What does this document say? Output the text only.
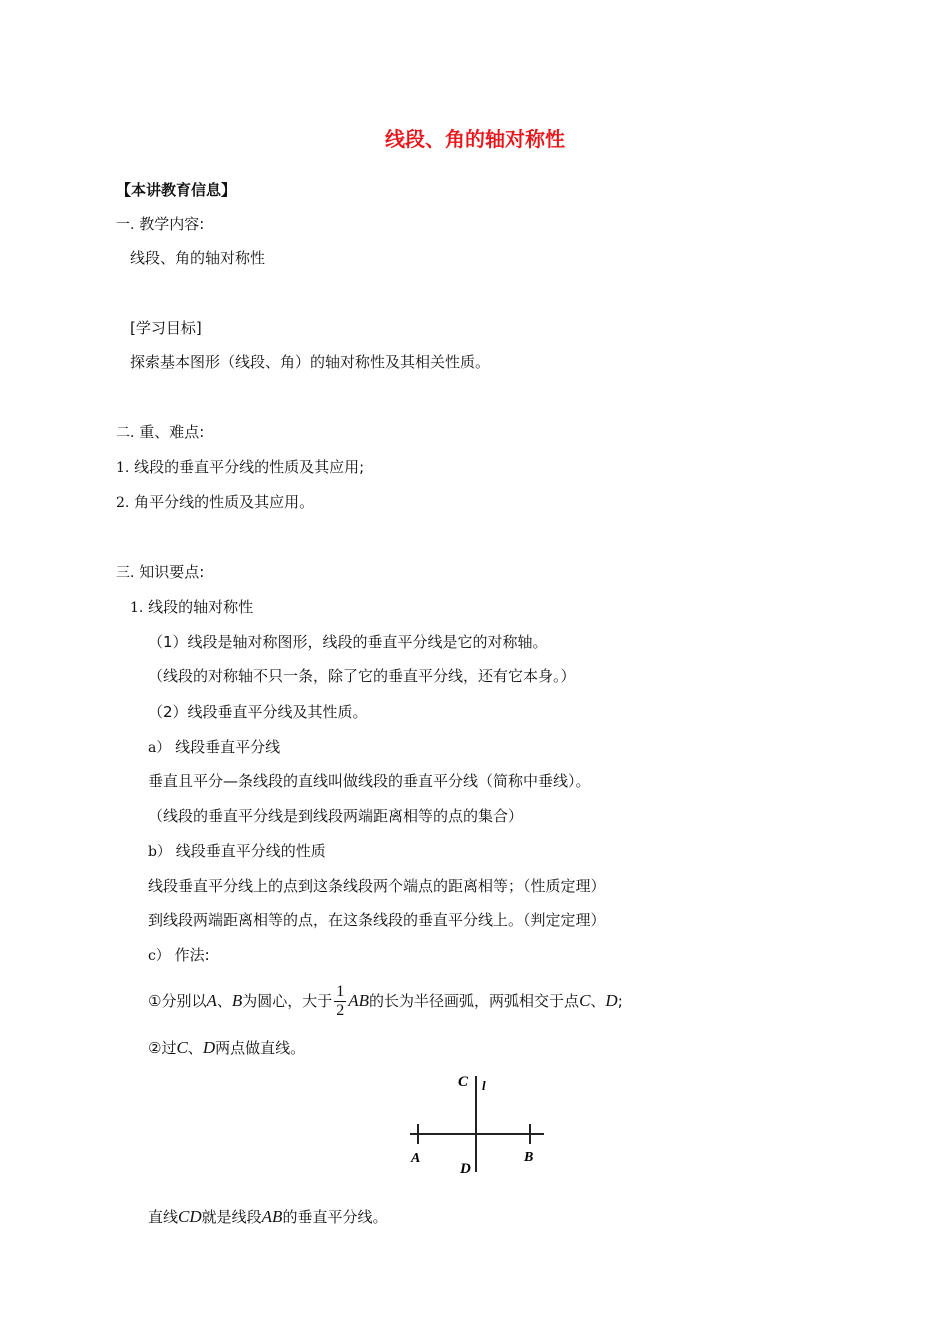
线段、角的轴对称性
【本讲教育信息】
一. 教学内容:
线段、角的轴对称性
[学习目标]
探索基本图形（线段、角）的轴对称性及其相关性质。
二. 重、难点:
1. 线段的垂直平分线的性质及其应用;
2. 角平分线的性质及其应用。
三. 知识要点:
1. 线段的轴对称性
（1）线段是轴对称图形，线段的垂直平分线是它的对称轴。
（线段的对称轴不只一条，除了它的垂直平分线，还有它本身。）
（2）线段垂直平分线及其性质。
a） 线段垂直平分线
垂直且平分—条线段的直线叫做线段的垂直平分线（简称中垂线）。
（线段的垂直平分线是到线段两端距离相等的点的集合）
b） 线段垂直平分线的性质
线段垂直平分线上的点到这条线段两个端点的距离相等；（性质定理）
到线段两端距离相等的点，在这条线段的垂直平分线上。（判定定理）
c） 作法:
①分别以A、B为圆心，大于 $\frac{1}{2}$ AB的长为半径画弧，两弧相交于点C、D;
②过C、D两点做直线。
C l
A	B
D
直线CD就是线段AB的垂直平分线。
